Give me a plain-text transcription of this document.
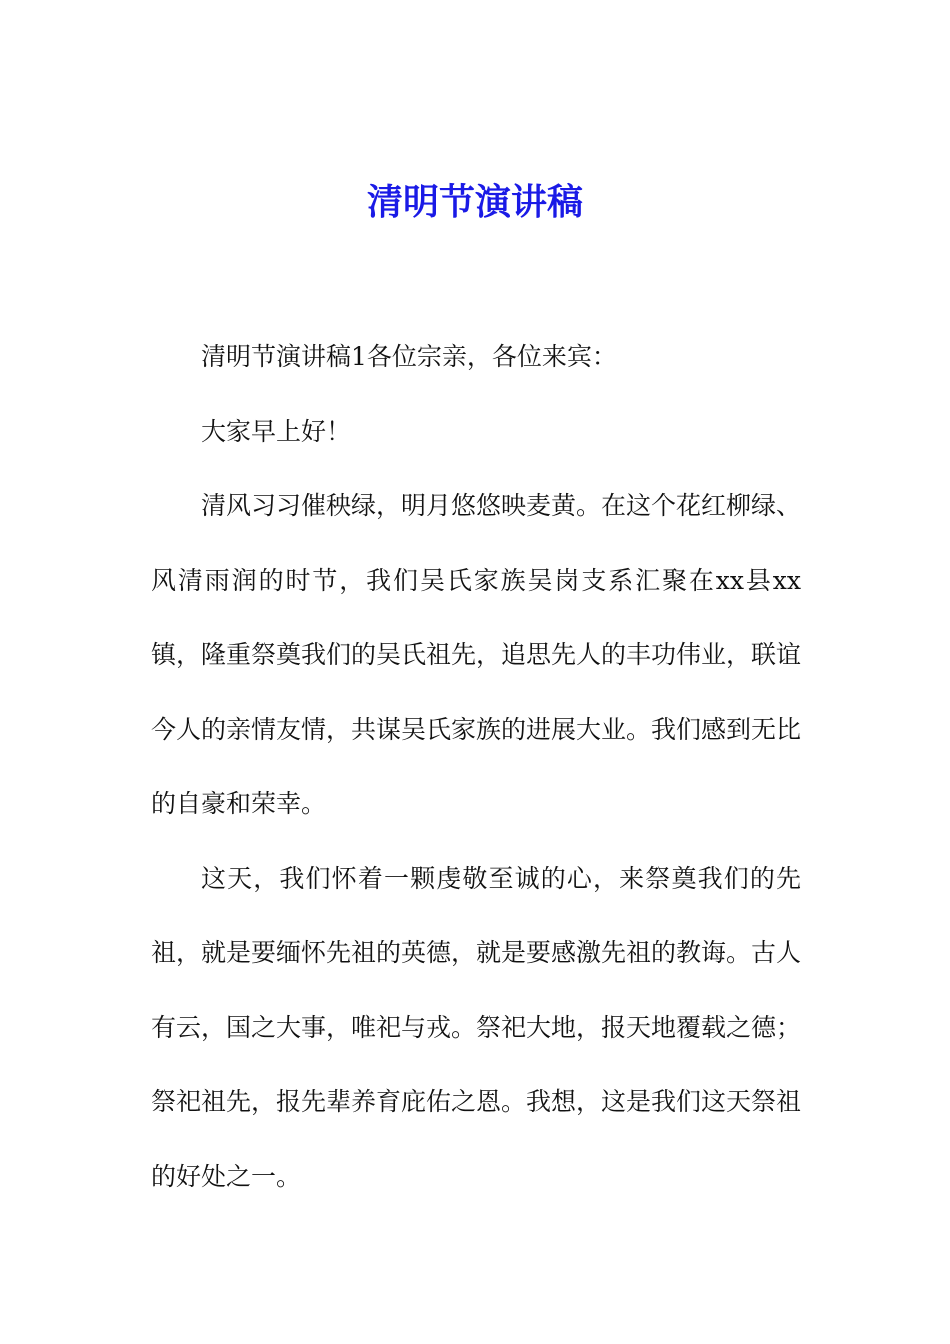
清明节演讲稿

清明节演讲稿1各位宗亲，各位来宾：

大家早上好！

清风习习催秧绿，明月悠悠映麦黄。在这个花红柳绿、风清雨润的时节，我们吴氏家族吴岗支系汇聚在xx县xx镇，隆重祭奠我们的吴氏祖先，追思先人的丰功伟业，联谊今人的亲情友情，共谋吴氏家族的进展大业。我们感到无比的自豪和荣幸。

这天，我们怀着一颗虔敬至诚的心，来祭奠我们的先祖，就是要缅怀先祖的英德，就是要感激先祖的教诲。古人有云，国之大事，唯祀与戎。祭祀大地，报天地覆载之德；祭祀祖先，报先辈养育庇佑之恩。我想，这是我们这天祭祖的好处之一。
